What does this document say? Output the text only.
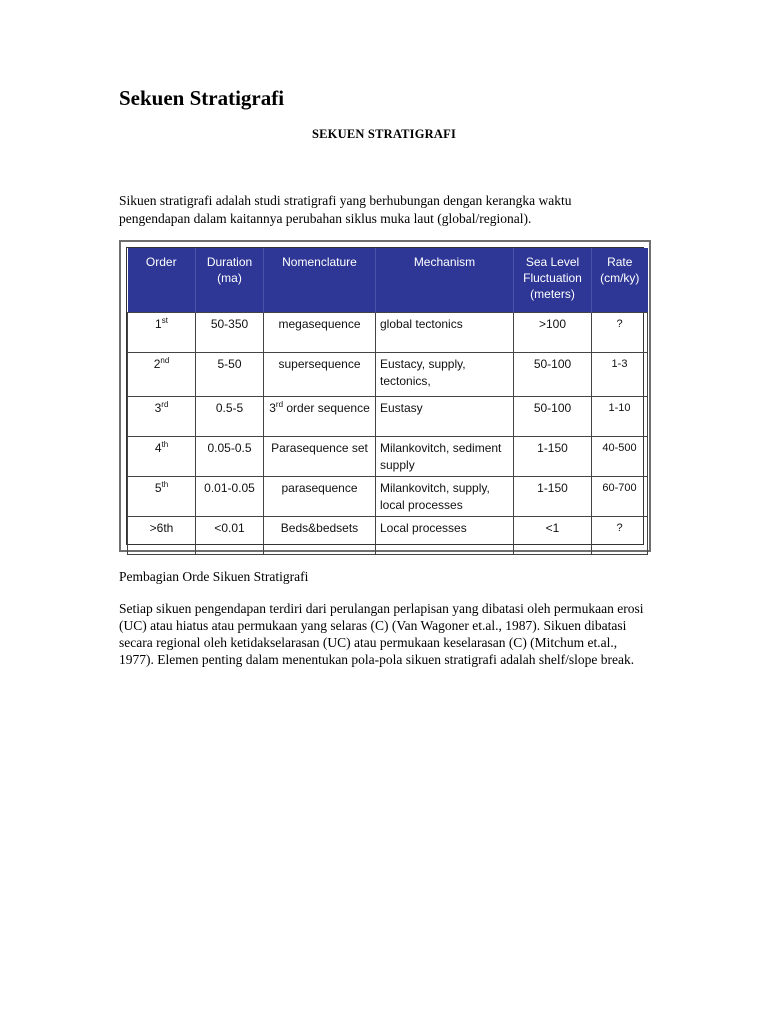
Sekuen Stratigrafi
SEKUEN STRATIGRAFI
Sikuen stratigrafi adalah studi stratigrafi yang berhubungan dengan kerangka waktu pengendapan dalam kaitannya perubahan siklus muka laut (global/regional).
Order	Duration (ma)	Nomenclature	Mechanism	Sea Level Fluctuation (meters)	Rate (cm/ky)
1st	50-350	megasequence	global tectonics	>100	?
2nd	5-50	supersequence	Eustacy, supply, tectonics,	50-100	1-3
3rd	0.5-5	3rd order sequence	Eustasy	50-100	1-10
4th	0.05-0.5	Parasequence set	Milankovitch, sediment supply	1-150	40-500
5th	0.01-0.05	parasequence	Milankovitch, supply, local processes	1-150	60-700
>6th	<0.01	Beds&bedsets	Local processes	<1	?
Pembagian Orde Sikuen Stratigrafi
Setiap sikuen pengendapan terdiri dari perulangan perlapisan yang dibatasi oleh permukaan erosi (UC) atau hiatus atau permukaan yang selaras (C) (Van Wagoner et.al., 1987). Sikuen dibatasi secara regional oleh ketidakselarasan (UC) atau permukaan keselarasan (C) (Mitchum et.al., 1977). Elemen penting dalam menentukan pola-pola sikuen stratigrafi adalah shelf/slope break.
